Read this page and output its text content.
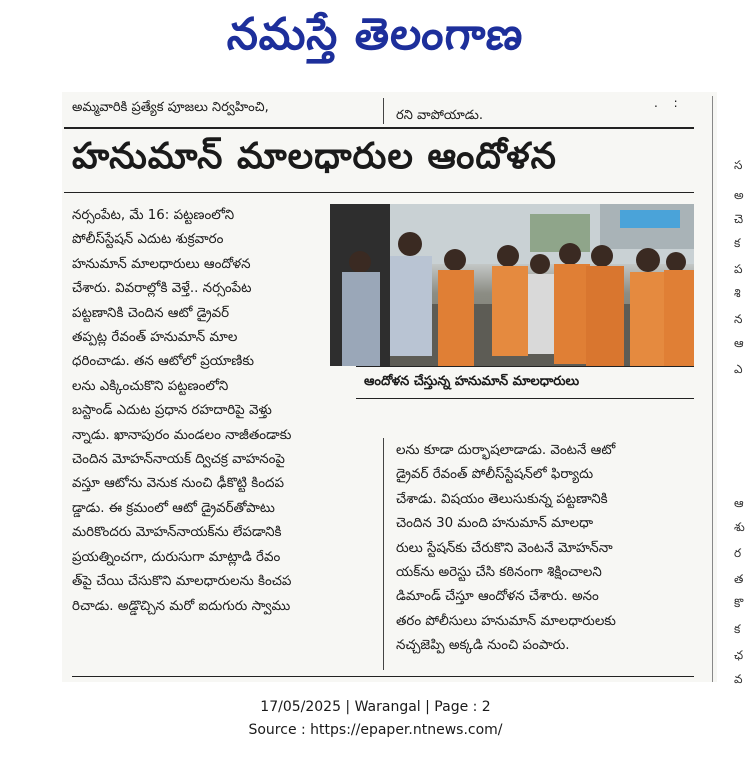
నమస్తే తెలంగాణ
అమ్మవారికి ప్రత్యేక పూజలు నిర్వహించి,
రని వాపోయాడు.
. :
హనుమాన్ మాలధారుల ఆందోళన

నర్సంపేట, మే 16: పట్టణంలోని

పోలీస్‌స్టేషన్ ఎదుట శుక్రవారం

హనుమాన్ మాలధారులు ఆందోళన

చేశారు. వివరాల్లోకి వెళ్తే.. నర్సంపేట

పట్టణానికి చెందిన ఆటో డ్రైవర్

తప్పట్ల రేవంత్ హనుమాన్ మాల

ధరించాడు. తన ఆటోలో ప్రయాణికు

లను ఎక్కించుకొని పట్టణంలోని

బస్టాండ్ ఎదుట ప్రధాన రహదారిపై వెళ్తు

న్నాడు. ఖానాపురం మండలం నాజీతండాకు

చెందిన మోహన్‌నాయక్ ద్విచక్ర వాహనంపై

వస్తూ ఆటోను వెనుక నుంచి ఢీకొట్టి కిందప

డ్డాడు. ఈ క్రమంలో ఆటో డ్రైవర్‌తోపాటు

మరికొందరు మోహన్‌నాయక్‌ను లేపడానికి

ప్రయత్నించగా, దురుసుగా మాట్లాడి రేవం

త్‌పై చేయి చేసుకొని మాలధారులను కించప

రిచాడు. అడ్డొచ్చిన మరో ఐదుగురు స్వాము

లను కూడా దుర్భాషలాడాడు. వెంటనే ఆటో

డ్రైవర్ రేవంత్ పోలీస్‌స్టేషన్‌లో ఫిర్యాదు

చేశాడు. విషయం తెలుసుకున్న పట్టణానికి

చెందిన 30 మంది హనుమాన్ మాలధా

రులు స్టేషన్‌కు చేరుకొని వెంటనే మోహన్‌నా

యక్‌ను అరెస్టు చేసి కఠినంగా శిక్షించాలని

డిమాండ్ చేస్తూ ఆందోళన చేశారు. అనం

తరం పోలీసులు హనుమాన్ మాలధారులకు

నచ్చజెప్పి అక్కడి నుంచి పంపారు.

ఆందోళన చేస్తున్న హనుమాన్ మాలధారులు
స
అ
చె
క
ప
శి
న
ఆ
ఎ
ఆ
శు
ర
త
కొ
క
ఛ
వ
17/05/2025 | Warangal | Page : 2
Source : https://epaper.ntnews.com/
